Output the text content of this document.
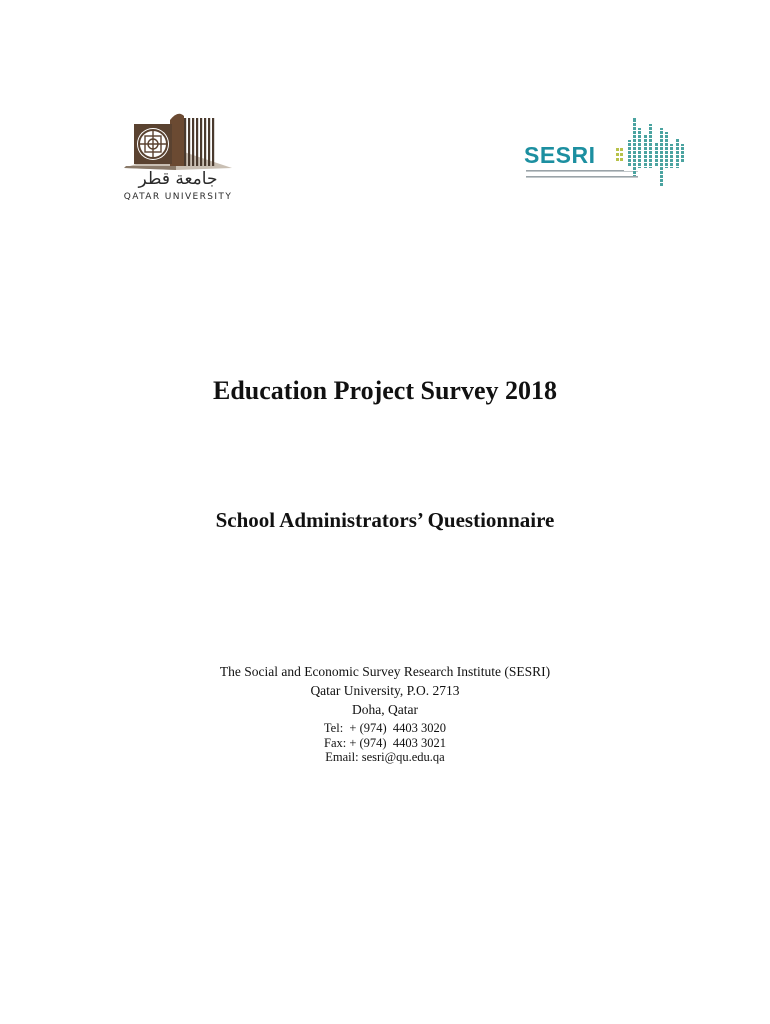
جامعة قطر
QATAR UNIVERSITY
SESRI
Education Project Survey 2018
School Administrators’ Questionnaire
The Social and Economic Survey Research Institute (SESRI)
Qatar University, P.O. 2713
Doha, Qatar
Tel:  + (974)  4403 3020
Fax: + (974)  4403 3021
Email: sesri@qu.edu.qa
